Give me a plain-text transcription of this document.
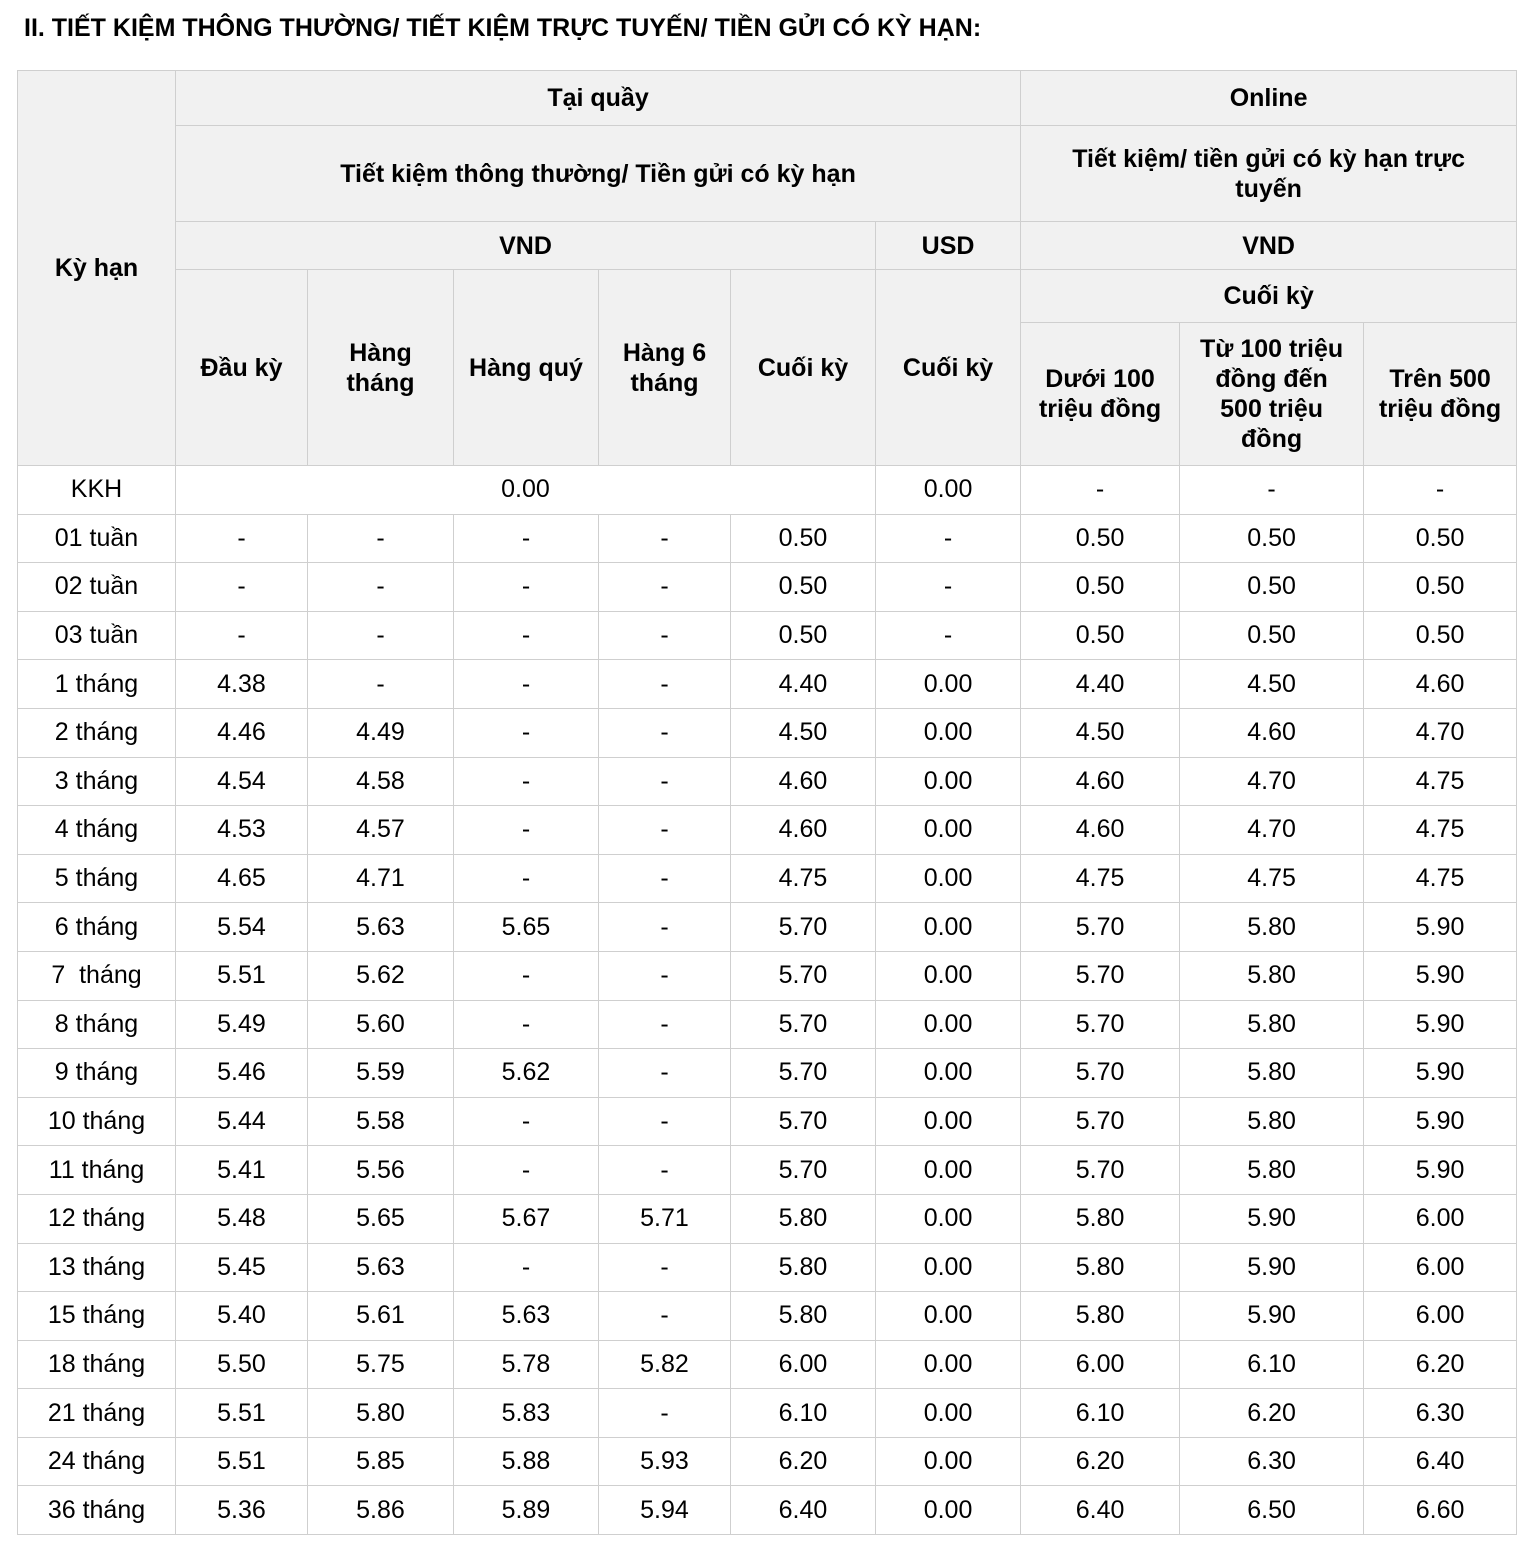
II. TIẾT KIỆM THÔNG THƯỜNG/ TIẾT KIỆM TRỰC TUYẾN/ TIỀN GỬI CÓ KỲ HẠN:
Kỳ hạn	Tại quầy						Online		
	Tiết kiệm thông thường/ Tiền gửi có kỳ hạn						Tiết kiệm/ tiền gửi có kỳ hạn trực tuyến		
	VND					USD	VND		
	Đầu kỳ	Hàng tháng	Hàng quý	Hàng 6 tháng	Cuối kỳ	Cuối kỳ	Cuối kỳ		
							Dưới 100 triệu đồng	Từ 100 triệu đồng đến 500 triệu đồng	Trên 500 triệu đồng
KKH	0.00					0.00	-	-	-
01 tuần	-	-	-	-	0.50	-	0.50	0.50	0.50
02 tuần	-	-	-	-	0.50	-	0.50	0.50	0.50
03 tuần	-	-	-	-	0.50	-	0.50	0.50	0.50
1 tháng	4.38	-	-	-	4.40	0.00	4.40	4.50	4.60
2 tháng	4.46	4.49	-	-	4.50	0.00	4.50	4.60	4.70
3 tháng	4.54	4.58	-	-	4.60	0.00	4.60	4.70	4.75
4 tháng	4.53	4.57	-	-	4.60	0.00	4.60	4.70	4.75
5 tháng	4.65	4.71	-	-	4.75	0.00	4.75	4.75	4.75
6 tháng	5.54	5.63	5.65	-	5.70	0.00	5.70	5.80	5.90
7  tháng	5.51	5.62	-	-	5.70	0.00	5.70	5.80	5.90
8 tháng	5.49	5.60	-	-	5.70	0.00	5.70	5.80	5.90
9 tháng	5.46	5.59	5.62	-	5.70	0.00	5.70	5.80	5.90
10 tháng	5.44	5.58	-	-	5.70	0.00	5.70	5.80	5.90
11 tháng	5.41	5.56	-	-	5.70	0.00	5.70	5.80	5.90
12 tháng	5.48	5.65	5.67	5.71	5.80	0.00	5.80	5.90	6.00
13 tháng	5.45	5.63	-	-	5.80	0.00	5.80	5.90	6.00
15 tháng	5.40	5.61	5.63	-	5.80	0.00	5.80	5.90	6.00
18 tháng	5.50	5.75	5.78	5.82	6.00	0.00	6.00	6.10	6.20
21 tháng	5.51	5.80	5.83	-	6.10	0.00	6.10	6.20	6.30
24 tháng	5.51	5.85	5.88	5.93	6.20	0.00	6.20	6.30	6.40
36 tháng	5.36	5.86	5.89	5.94	6.40	0.00	6.40	6.50	6.60
